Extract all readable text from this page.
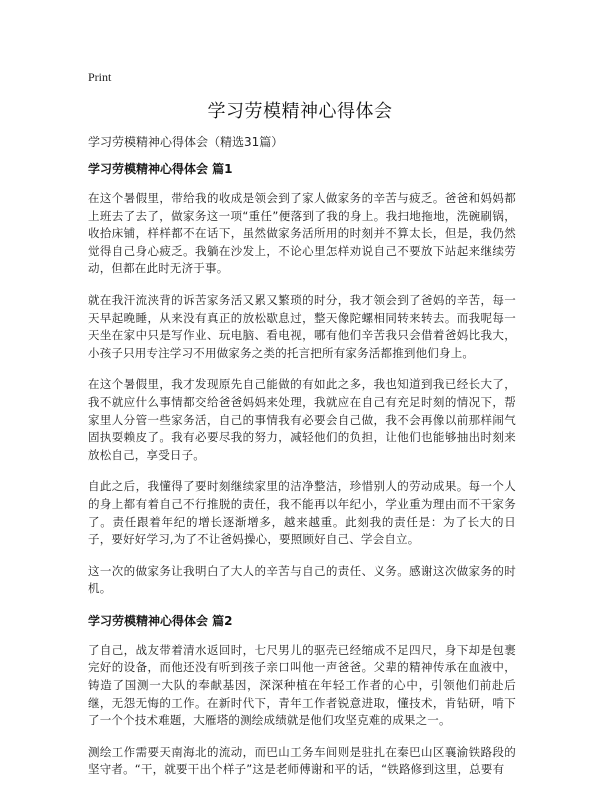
Print
学习劳模精神心得体会
学习劳模精神心得体会（精选31篇）
学习劳模精神心得体会 篇1

在这个暑假里，带给我的收成是领会到了家人做家务的辛苦与疲乏。爸爸和妈妈都上班去了去了，做家务这一项“重任”便落到了我的身上。我扫地拖地，洗碗刷锅，收拾床铺，样样都不在话下，虽然做家务活所用的时刻并不算太长，但是，我仍然觉得自己身心疲乏。我躺在沙发上，不论心里怎样劝说自己不要放下站起来继续劳动，但都在此时无济于事。

就在我汗流浃背的诉苦家务活又累又繁琐的时分，我才领会到了爸妈的辛苦，每一天早起晚睡，从来没有真正的放松歇息过，整天像陀螺相同转来转去。而我呢每一天坐在家中只是写作业、玩电脑、看电视，哪有他们辛苦我只会借着爸妈比我大，小孩子只用专注学习不用做家务之类的托言把所有家务活都推到他们身上。

在这个暑假里，我才发现原先自己能做的有如此之多，我也知道到我已经长大了，我不就应什么事情都交给爸爸妈妈来处理，我就应在自己有充足时刻的情况下，帮家里人分管一些家务活，自己的事情我有必要会自己做，我不会再像以前那样闹气固执耍赖皮了。我有必要尽我的努力，减轻他们的负担，让他们也能够抽出时刻来放松自己，享受日子。

自此之后，我懂得了要时刻继续家里的洁净整洁，珍惜别人的劳动成果。每一个人的身上都有着自己不行推脱的责任，我不能再以年纪小，学业重为理由而不干家务了。责任跟着年纪的增长逐渐增多，越来越重。此刻我的责任是：为了长大的日子，要好好学习,为了不让爸妈操心，要照顾好自己、学会自立。

这一次的做家务让我明白了大人的辛苦与自己的责任、义务。感谢这次做家务的时机。

学习劳模精神心得体会 篇2

了自己，战友带着清水返回时，七尺男儿的驱壳已经缩成不足四尺，身下却是包裹完好的设备，而他还没有听到孩子亲口叫他一声爸爸。父辈的精神传承在血液中，铸造了国测一大队的奉献基因，深深种植在年轻工作者的心中，引领他们前赴后继，无怨无悔的工作。在新时代下，青年工作者锐意进取，懂技术，肯钻研，啃下了一个个技术难题，大雁塔的测绘成绩就是他们攻坚克难的成果之一。

测绘工作需要天南海北的流动，而巴山工务车间则是驻扎在秦巴山区襄渝铁路段的坚守者。“干，就要干出个样子”这是老师傅谢和平的话，“铁路修到这里，总要有
